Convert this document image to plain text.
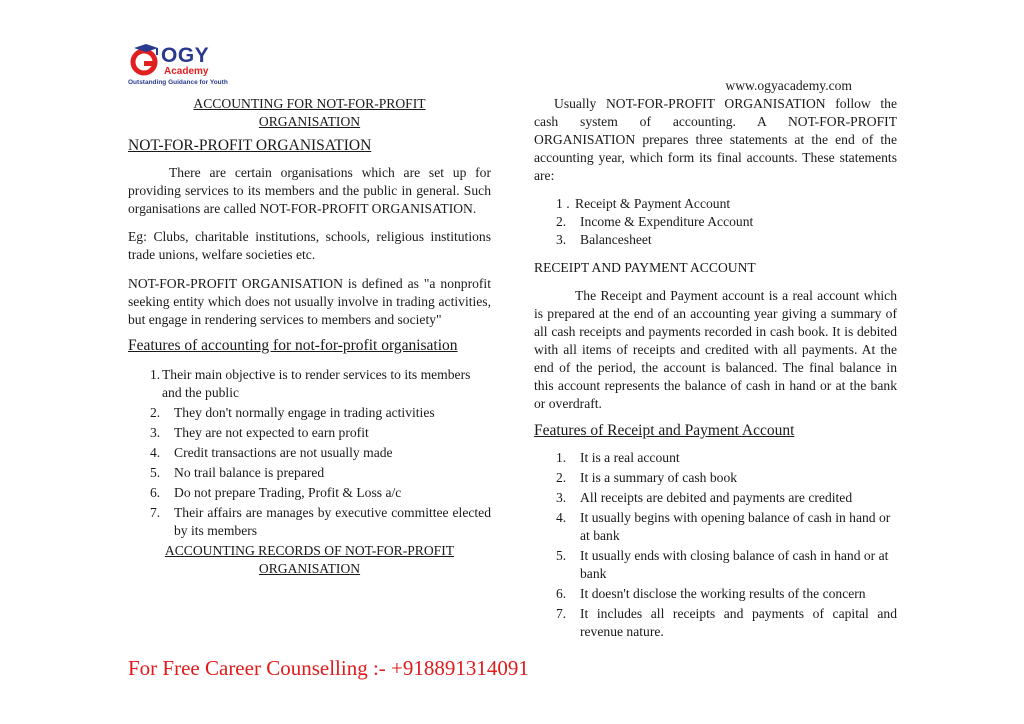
OGY
Academy
Outstanding Guidance for Youth
ACCOUNTING FOR NOT-FOR-PROFIT
ORGANISATION
NOT-FOR-PROFIT ORGANISATION

There are certain organisations which are set up for providing services to its members and the public in general. Such organisations are called NOT-FOR-PROFIT ORGANISATION.

Eg: Clubs, charitable institutions, schools, religious institutions trade unions, welfare societies etc.

NOT-FOR-PROFIT ORGANISATION is defined as "a nonprofit seeking entity which does not usually involve in trading activities, but engage in rendering services to members and society"

Features of accounting for not-for-profit organisation
1. Their main objective is to render services to its members and the public
2.	They don't normally engage in trading activities
3.	They are not expected to earn profit
4.	Credit transactions are not usually made
5.	No trail balance is prepared
6.	Do not prepare Trading, Profit & Loss a/c
7.	Their affairs are manages by executive committee elected by its members
ACCOUNTING RECORDS OF NOT-FOR-PROFIT
ORGANISATION
www.ogyacademy.com

Usually NOT-FOR-PROFIT ORGANISATION follow the cash system of accounting. A NOT-FOR-PROFIT ORGANISATION prepares three statements at the end of the accounting year, which form its final accounts. These statements are:

1 . Receipt & Payment Account
2.	Income & Expenditure Account
3.	Balancesheet
RECEIPT AND PAYMENT ACCOUNT

The Receipt and Payment account is a real account which is prepared at the end of an accounting year giving a summary of all cash receipts and payments recorded in cash book. It is debited with all items of receipts and credited with all payments. At the end of the period, the account is balanced. The final balance in this account represents the balance of cash in hand or at the bank or overdraft.

Features of Receipt and Payment Account
1.	It is a real account
2.	It is a summary of cash book
3.	All receipts are debited and payments are credited
4.	It usually begins with opening balance of cash in hand or at bank
5.	It usually ends with closing balance of cash in hand or at bank
6.	It doesn't disclose the working results of the concern
7.	It includes all receipts and payments of capital and revenue nature.
For Free Career Counselling :- +918891314091
